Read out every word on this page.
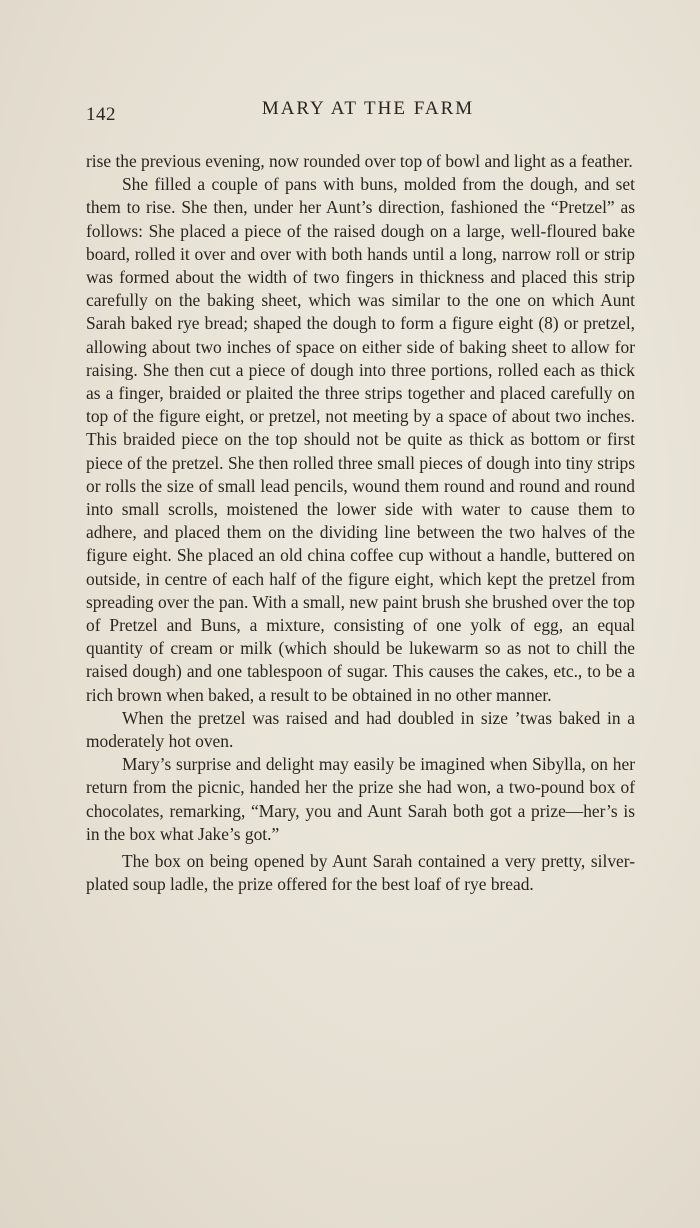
142	MARY AT THE FARM

rise the previous evening, now rounded over top of bowl and light as a feather.

She filled a couple of pans with buns, molded from the dough, and set them to rise. She then, under her Aunt’s direction, fashioned the “Pretzel” as follows: She placed a piece of the raised dough on a large, well-floured bake board, rolled it over and over with both hands until a long, narrow roll or strip was formed about the width of two fingers in thickness and placed this strip carefully on the baking sheet, which was similar to the one on which Aunt Sarah baked rye bread; shaped the dough to form a figure eight (8) or pretzel, allowing about two inches of space on either side of baking sheet to allow for raising. She then cut a piece of dough into three portions, rolled each as thick as a finger, braided or plaited the three strips together and placed carefully on top of the figure eight, or pretzel, not meeting by a space of about two inches. This braided piece on the top should not be quite as thick as bottom or first piece of the pretzel. She then rolled three small pieces of dough into tiny strips or rolls the size of small lead pencils, wound them round and round and round into small scrolls, moistened the lower side with water to cause them to adhere, and placed them on the dividing line between the two halves of the figure eight. She placed an old china coffee cup without a handle, buttered on outside, in centre of each half of the figure eight, which kept the pretzel from spreading over the pan. With a small, new paint brush she brushed over the top of Pretzel and Buns, a mixture, consisting of one yolk of egg, an equal quantity of cream or milk (which should be lukewarm so as not to chill the raised dough) and one tablespoon of sugar. This causes the cakes, etc., to be a rich brown when baked, a result to be obtained in no other manner.

When the pretzel was raised and had doubled in size ’twas baked in a moderately hot oven.

Mary’s surprise and delight may easily be imagined when Sibylla, on her return from the picnic, handed her the prize she had won, a two-pound box of chocolates, remarking, “Mary, you and Aunt Sarah both got a prize—her’s is in the box what Jake’s got.”

The box on being opened by Aunt Sarah contained a very pretty, silver-plated soup ladle, the prize offered for the best loaf of rye bread.
